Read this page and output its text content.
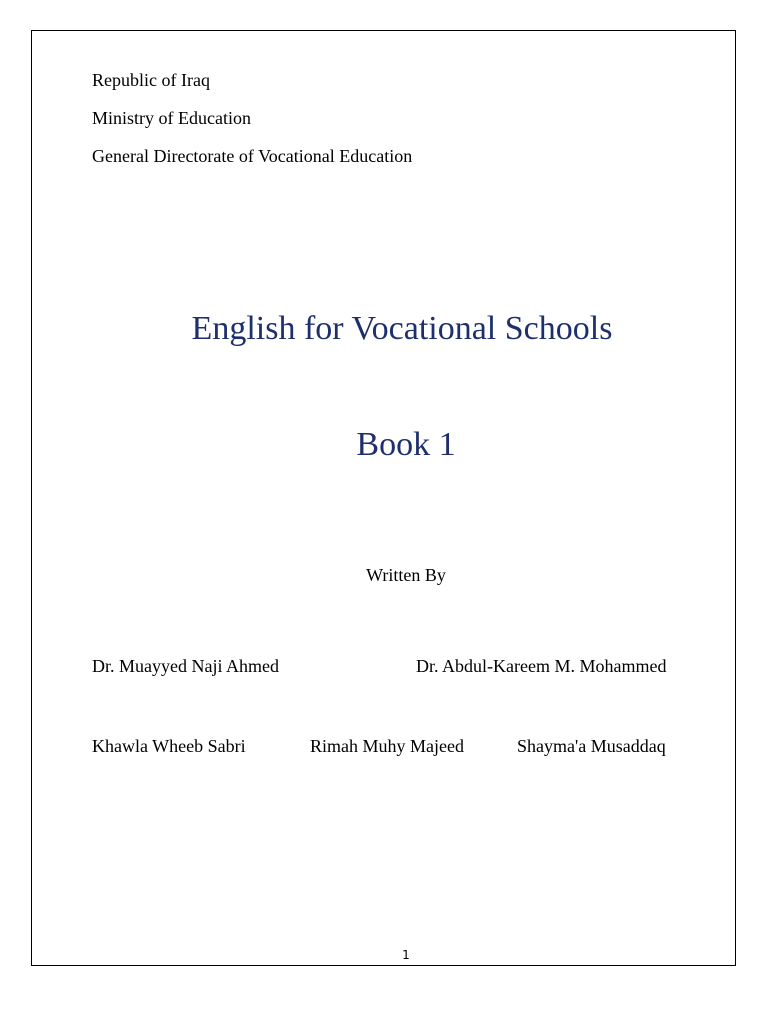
Republic of Iraq
Ministry of Education
General Directorate of Vocational Education
English for Vocational Schools
Book 1
Written By
Dr. Muayyed Naji Ahmed	Dr. Abdul-Kareem M. Mohammed
Khawla Wheeb Sabri	Rimah Muhy Majeed	Shayma'a Musaddaq
1
